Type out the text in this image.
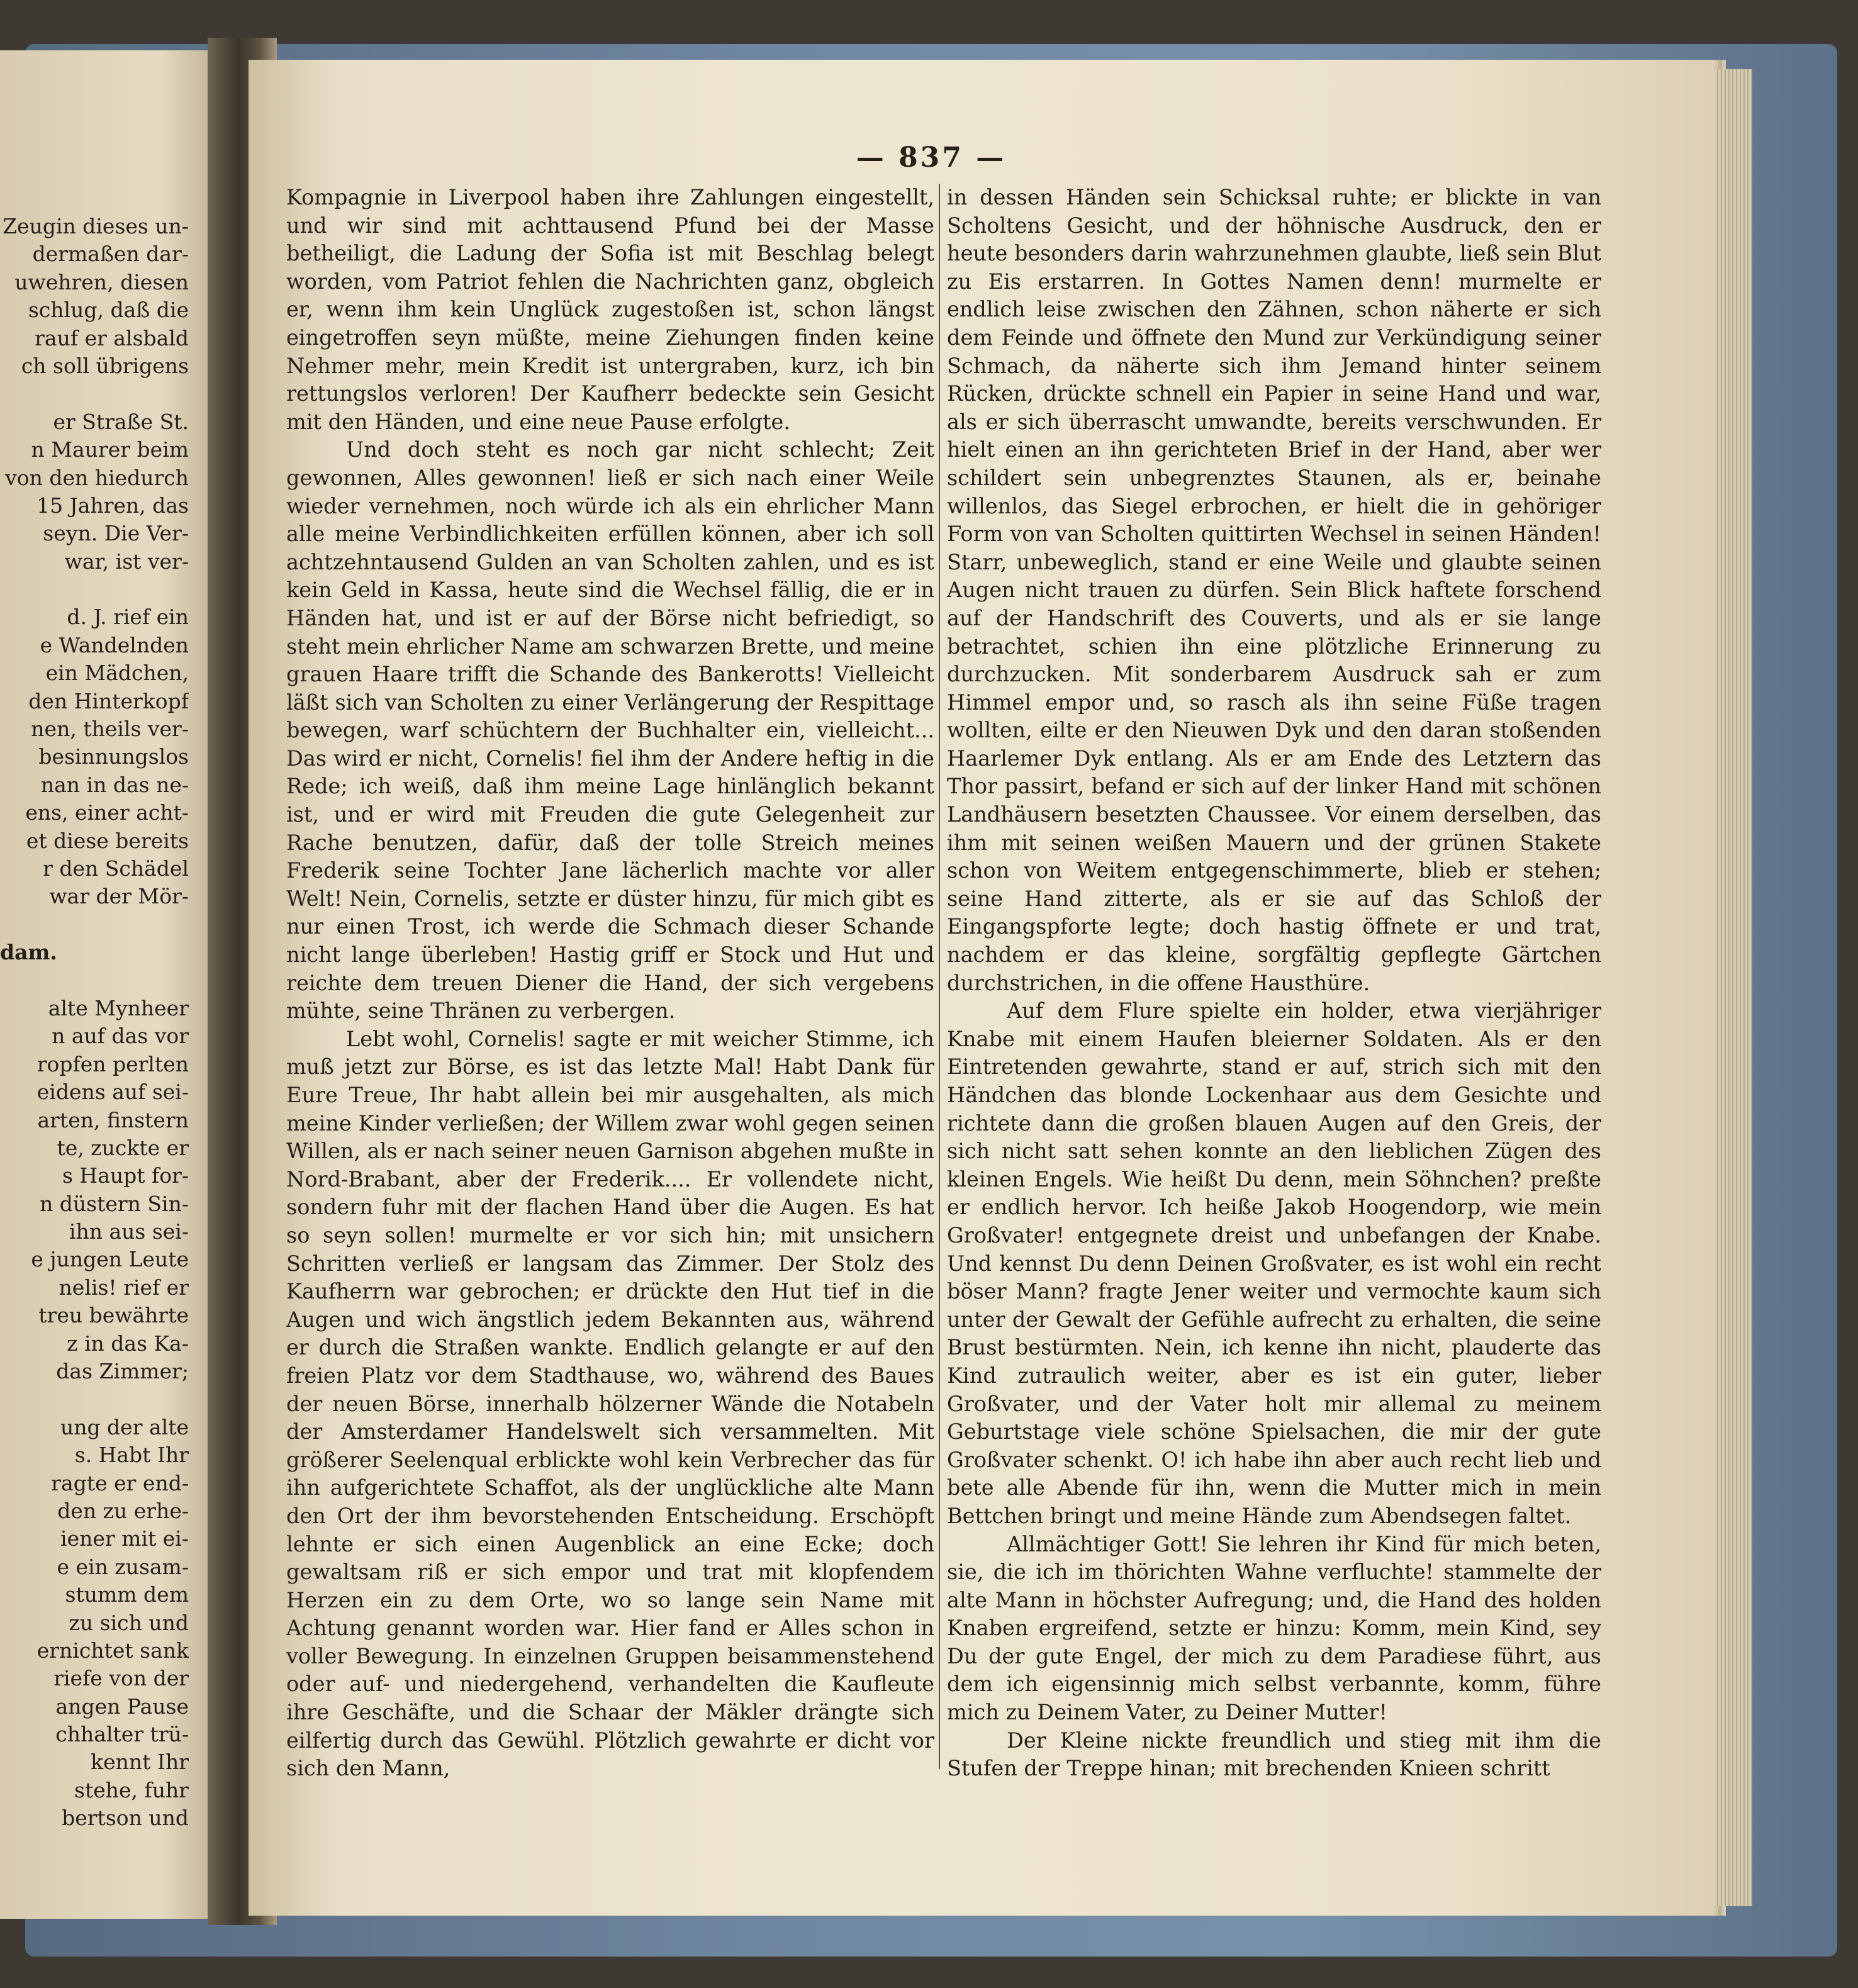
Zeugin dieses un-
dermaßen dar-
uwehren, diesen
schlug, daß die
rauf er alsbald
ch soll übrigens
er Straße St.
n Maurer beim
von den hiedurch
15 Jahren, das
seyn. Die Ver-
war, ist ver-
d. J. rief ein
e Wandelnden
ein Mädchen,
den Hinterkopf
nen, theils ver-
besinnungslos
nan in das ne-
ens, einer acht-
et diese bereits
r den Schädel
war der Mör-
dam.
alte Mynheer
n auf das vor
ropfen perlten
eidens auf sei-
arten, finstern
te, zuckte er
s Haupt for-
n düstern Sin-
ihn aus sei-
e jungen Leute
nelis! rief er
treu bewährte
z in das Ka-
das Zimmer;
ung der alte
s. Habt Ihr
ragte er end-
den zu erhe-
iener mit ei-
e ein zusam-
stumm dem
zu sich und
ernichtet sank
riefe von der
angen Pause
chhalter trü-
kennt Ihr
stehe, fuhr
bertson und
— 837 —

Kompagnie in Liverpool haben ihre Zahlungen eingestellt, und wir sind mit achttausend Pfund bei der Masse betheiligt, die Ladung der Sofia ist mit Beschlag belegt worden, vom Patriot fehlen die Nachrichten ganz, obgleich er, wenn ihm kein Unglück zugestoßen ist, schon längst eingetroffen seyn müßte, meine Ziehungen finden keine Nehmer mehr, mein Kredit ist untergraben, kurz, ich bin rettungslos verloren! Der Kaufherr bedeckte sein Gesicht mit den Händen, und eine neue Pause erfolgte.

Und doch steht es noch gar nicht schlecht; Zeit gewonnen, Alles gewonnen! ließ er sich nach einer Weile wieder vernehmen, noch würde ich als ein ehrlicher Mann alle meine Verbindlichkeiten erfüllen können, aber ich soll achtzehntausend Gulden an van Scholten zahlen, und es ist kein Geld in Kassa, heute sind die Wechsel fällig, die er in Händen hat, und ist er auf der Börse nicht befriedigt, so steht mein ehrlicher Name am schwarzen Brette, und meine grauen Haare trifft die Schande des Bankerotts! Vielleicht läßt sich van Scholten zu einer Verlängerung der Respittage bewegen, warf schüchtern der Buchhalter ein, vielleicht... Das wird er nicht, Cornelis! fiel ihm der Andere heftig in die Rede; ich weiß, daß ihm meine Lage hinlänglich bekannt ist, und er wird mit Freuden die gute Gelegenheit zur Rache benutzen, dafür, daß der tolle Streich meines Frederik seine Tochter Jane lächerlich machte vor aller Welt! Nein, Cornelis, setzte er düster hinzu, für mich gibt es nur einen Trost, ich werde die Schmach dieser Schande nicht lange überleben! Hastig griff er Stock und Hut und reichte dem treuen Diener die Hand, der sich vergebens mühte, seine Thränen zu verbergen.

Lebt wohl, Cornelis! sagte er mit weicher Stimme, ich muß jetzt zur Börse, es ist das letzte Mal! Habt Dank für Eure Treue, Ihr habt allein bei mir ausgehalten, als mich meine Kinder verließen; der Willem zwar wohl gegen seinen Willen, als er nach seiner neuen Garnison abgehen mußte in Nord-Brabant, aber der Frederik.... Er vollendete nicht, sondern fuhr mit der flachen Hand über die Augen. Es hat so seyn sollen! murmelte er vor sich hin; mit unsichern Schritten verließ er langsam das Zimmer. Der Stolz des Kaufherrn war gebrochen; er drückte den Hut tief in die Augen und wich ängstlich jedem Bekannten aus, während er durch die Straßen wankte. Endlich gelangte er auf den freien Platz vor dem Stadthause, wo, während des Baues der neuen Börse, innerhalb hölzerner Wände die Notabeln der Amsterdamer Handelswelt sich versammelten. Mit größerer Seelenqual erblickte wohl kein Verbrecher das für ihn aufgerichtete Schaffot, als der unglückliche alte Mann den Ort der ihm bevorstehenden Entscheidung. Erschöpft lehnte er sich einen Augenblick an eine Ecke; doch gewaltsam riß er sich empor und trat mit klopfendem Herzen ein zu dem Orte, wo so lange sein Name mit Achtung genannt worden war. Hier fand er Alles schon in voller Bewegung. In einzelnen Gruppen beisammenstehend oder auf- und niedergehend, verhandelten die Kaufleute ihre Geschäfte, und die Schaar der Mäkler drängte sich eilfertig durch das Gewühl. Plötzlich gewahrte er dicht vor sich den Mann,

in dessen Händen sein Schicksal ruhte; er blickte in van Scholtens Gesicht, und der höhnische Ausdruck, den er heute besonders darin wahrzunehmen glaubte, ließ sein Blut zu Eis erstarren. In Gottes Namen denn! murmelte er endlich leise zwischen den Zähnen, schon näherte er sich dem Feinde und öffnete den Mund zur Verkündigung seiner Schmach, da näherte sich ihm Jemand hinter seinem Rücken, drückte schnell ein Papier in seine Hand und war, als er sich überrascht umwandte, bereits verschwunden. Er hielt einen an ihn gerichteten Brief in der Hand, aber wer schildert sein unbegrenztes Staunen, als er, beinahe willenlos, das Siegel erbrochen, er hielt die in gehöriger Form von van Scholten quittirten Wechsel in seinen Händen! Starr, unbeweglich, stand er eine Weile und glaubte seinen Augen nicht trauen zu dürfen. Sein Blick haftete forschend auf der Handschrift des Couverts, und als er sie lange betrachtet, schien ihn eine plötzliche Erinnerung zu durchzucken. Mit sonderbarem Ausdruck sah er zum Himmel empor und, so rasch als ihn seine Füße tragen wollten, eilte er den Nieuwen Dyk und den daran stoßenden Haarlemer Dyk entlang. Als er am Ende des Letztern das Thor passirt, befand er sich auf der linker Hand mit schönen Landhäusern besetzten Chaussee. Vor einem derselben, das ihm mit seinen weißen Mauern und der grünen Stakete schon von Weitem entgegenschimmerte, blieb er stehen; seine Hand zitterte, als er sie auf das Schloß der Eingangspforte legte; doch hastig öffnete er und trat, nachdem er das kleine, sorgfältig gepflegte Gärtchen durchstrichen, in die offene Hausthüre.

Auf dem Flure spielte ein holder, etwa vierjähriger Knabe mit einem Haufen bleierner Soldaten. Als er den Eintretenden gewahrte, stand er auf, strich sich mit den Händchen das blonde Lockenhaar aus dem Gesichte und richtete dann die großen blauen Augen auf den Greis, der sich nicht satt sehen konnte an den lieblichen Zügen des kleinen Engels. Wie heißt Du denn, mein Söhnchen? preßte er endlich hervor. Ich heiße Jakob Hoogendorp, wie mein Großvater! entgegnete dreist und unbefangen der Knabe. Und kennst Du denn Deinen Großvater, es ist wohl ein recht böser Mann? fragte Jener weiter und vermochte kaum sich unter der Gewalt der Gefühle aufrecht zu erhalten, die seine Brust bestürmten. Nein, ich kenne ihn nicht, plauderte das Kind zutraulich weiter, aber es ist ein guter, lieber Großvater, und der Vater holt mir allemal zu meinem Geburtstage viele schöne Spielsachen, die mir der gute Großvater schenkt. O! ich habe ihn aber auch recht lieb und bete alle Abende für ihn, wenn die Mutter mich in mein Bettchen bringt und meine Hände zum Abendsegen faltet.

Allmächtiger Gott! Sie lehren ihr Kind für mich beten, sie, die ich im thörichten Wahne verfluchte! stammelte der alte Mann in höchster Aufregung; und, die Hand des holden Knaben ergreifend, setzte er hinzu: Komm, mein Kind, sey Du der gute Engel, der mich zu dem Paradiese führt, aus dem ich eigensinnig mich selbst verbannte, komm, führe mich zu Deinem Vater, zu Deiner Mutter!

Der Kleine nickte freundlich und stieg mit ihm die Stufen der Treppe hinan; mit brechenden Knieen schritt
